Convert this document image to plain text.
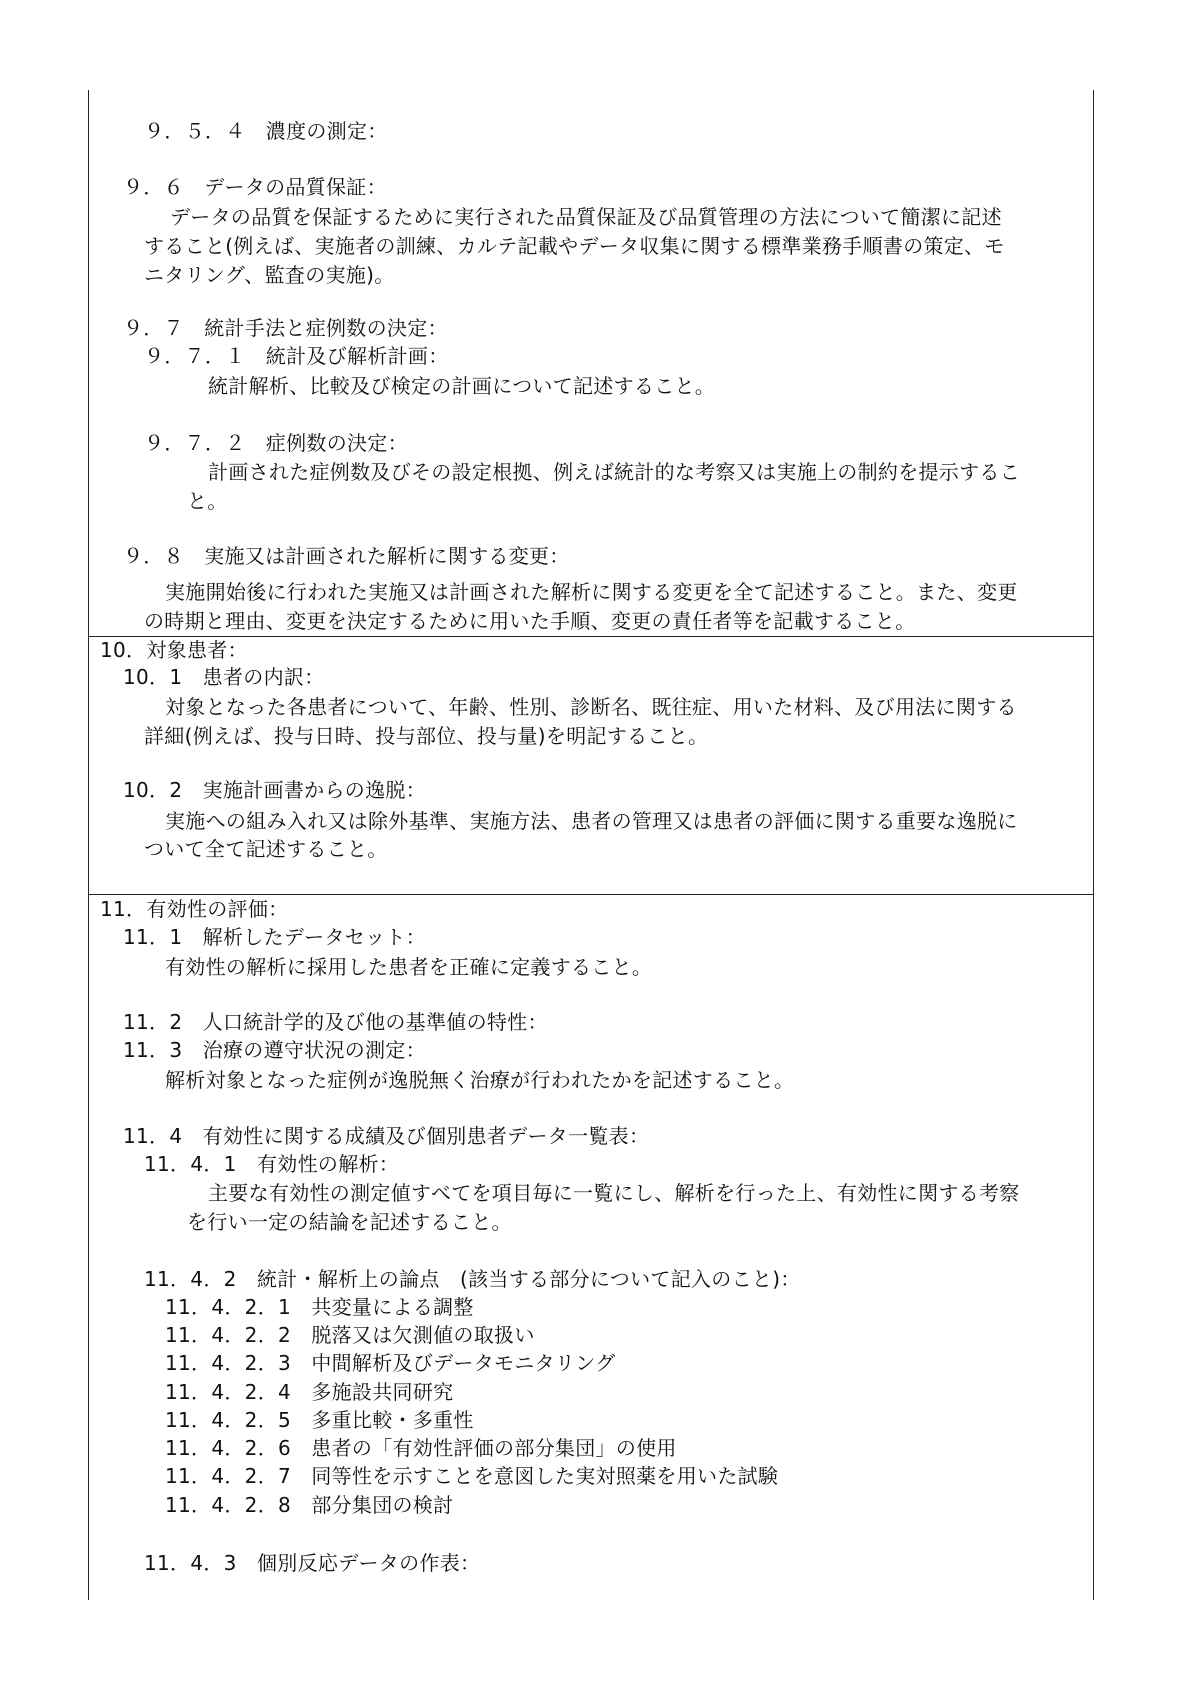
９．５．４　濃度の測定：
９．６　データの品質保証：
データの品質を保証するために実行された品質保証及び品質管理の方法について簡潔に記述
すること(例えば、実施者の訓練、カルテ記載やデータ収集に関する標準業務手順書の策定、モ
ニタリング、監査の実施)。
９．７　統計手法と症例数の決定：
９．７．１　統計及び解析計画：
統計解析、比較及び検定の計画について記述すること。
９．７．２　症例数の決定：
計画された症例数及びその設定根拠、例えば統計的な考察又は実施上の制約を提示するこ
と。
９．８　実施又は計画された解析に関する変更：
実施開始後に行われた実施又は計画された解析に関する変更を全て記述すること。また、変更
の時期と理由、変更を決定するために用いた手順、変更の責任者等を記載すること。
10．対象患者：
10．1　患者の内訳：
対象となった各患者について、年齢、性別、診断名、既往症、用いた材料、及び用法に関する
詳細(例えば、投与日時、投与部位、投与量)を明記すること。
10．2　実施計画書からの逸脱：
実施への組み入れ又は除外基準、実施方法、患者の管理又は患者の評価に関する重要な逸脱に
ついて全て記述すること。
11．有効性の評価：
11．1　解析したデータセット：
有効性の解析に採用した患者を正確に定義すること。
11．2　人口統計学的及び他の基準値の特性：
11．3　治療の遵守状況の測定：
解析対象となった症例が逸脱無く治療が行われたかを記述すること。
11．4　有効性に関する成績及び個別患者データ一覧表：
11．4．1　有効性の解析：
主要な有効性の測定値すべてを項目毎に一覧にし、解析を行った上、有効性に関する考察
を行い一定の結論を記述すること。
11．4．2　統計・解析上の論点　(該当する部分について記入のこと)：
11．4．2．1　共変量による調整
11．4．2．2　脱落又は欠測値の取扱い
11．4．2．3　中間解析及びデータモニタリング
11．4．2．4　多施設共同研究
11．4．2．5　多重比較・多重性
11．4．2．6　患者の「有効性評価の部分集団」の使用
11．4．2．7　同等性を示すことを意図した実対照薬を用いた試験
11．4．2．8　部分集団の検討
11．4．3　個別反応データの作表：
